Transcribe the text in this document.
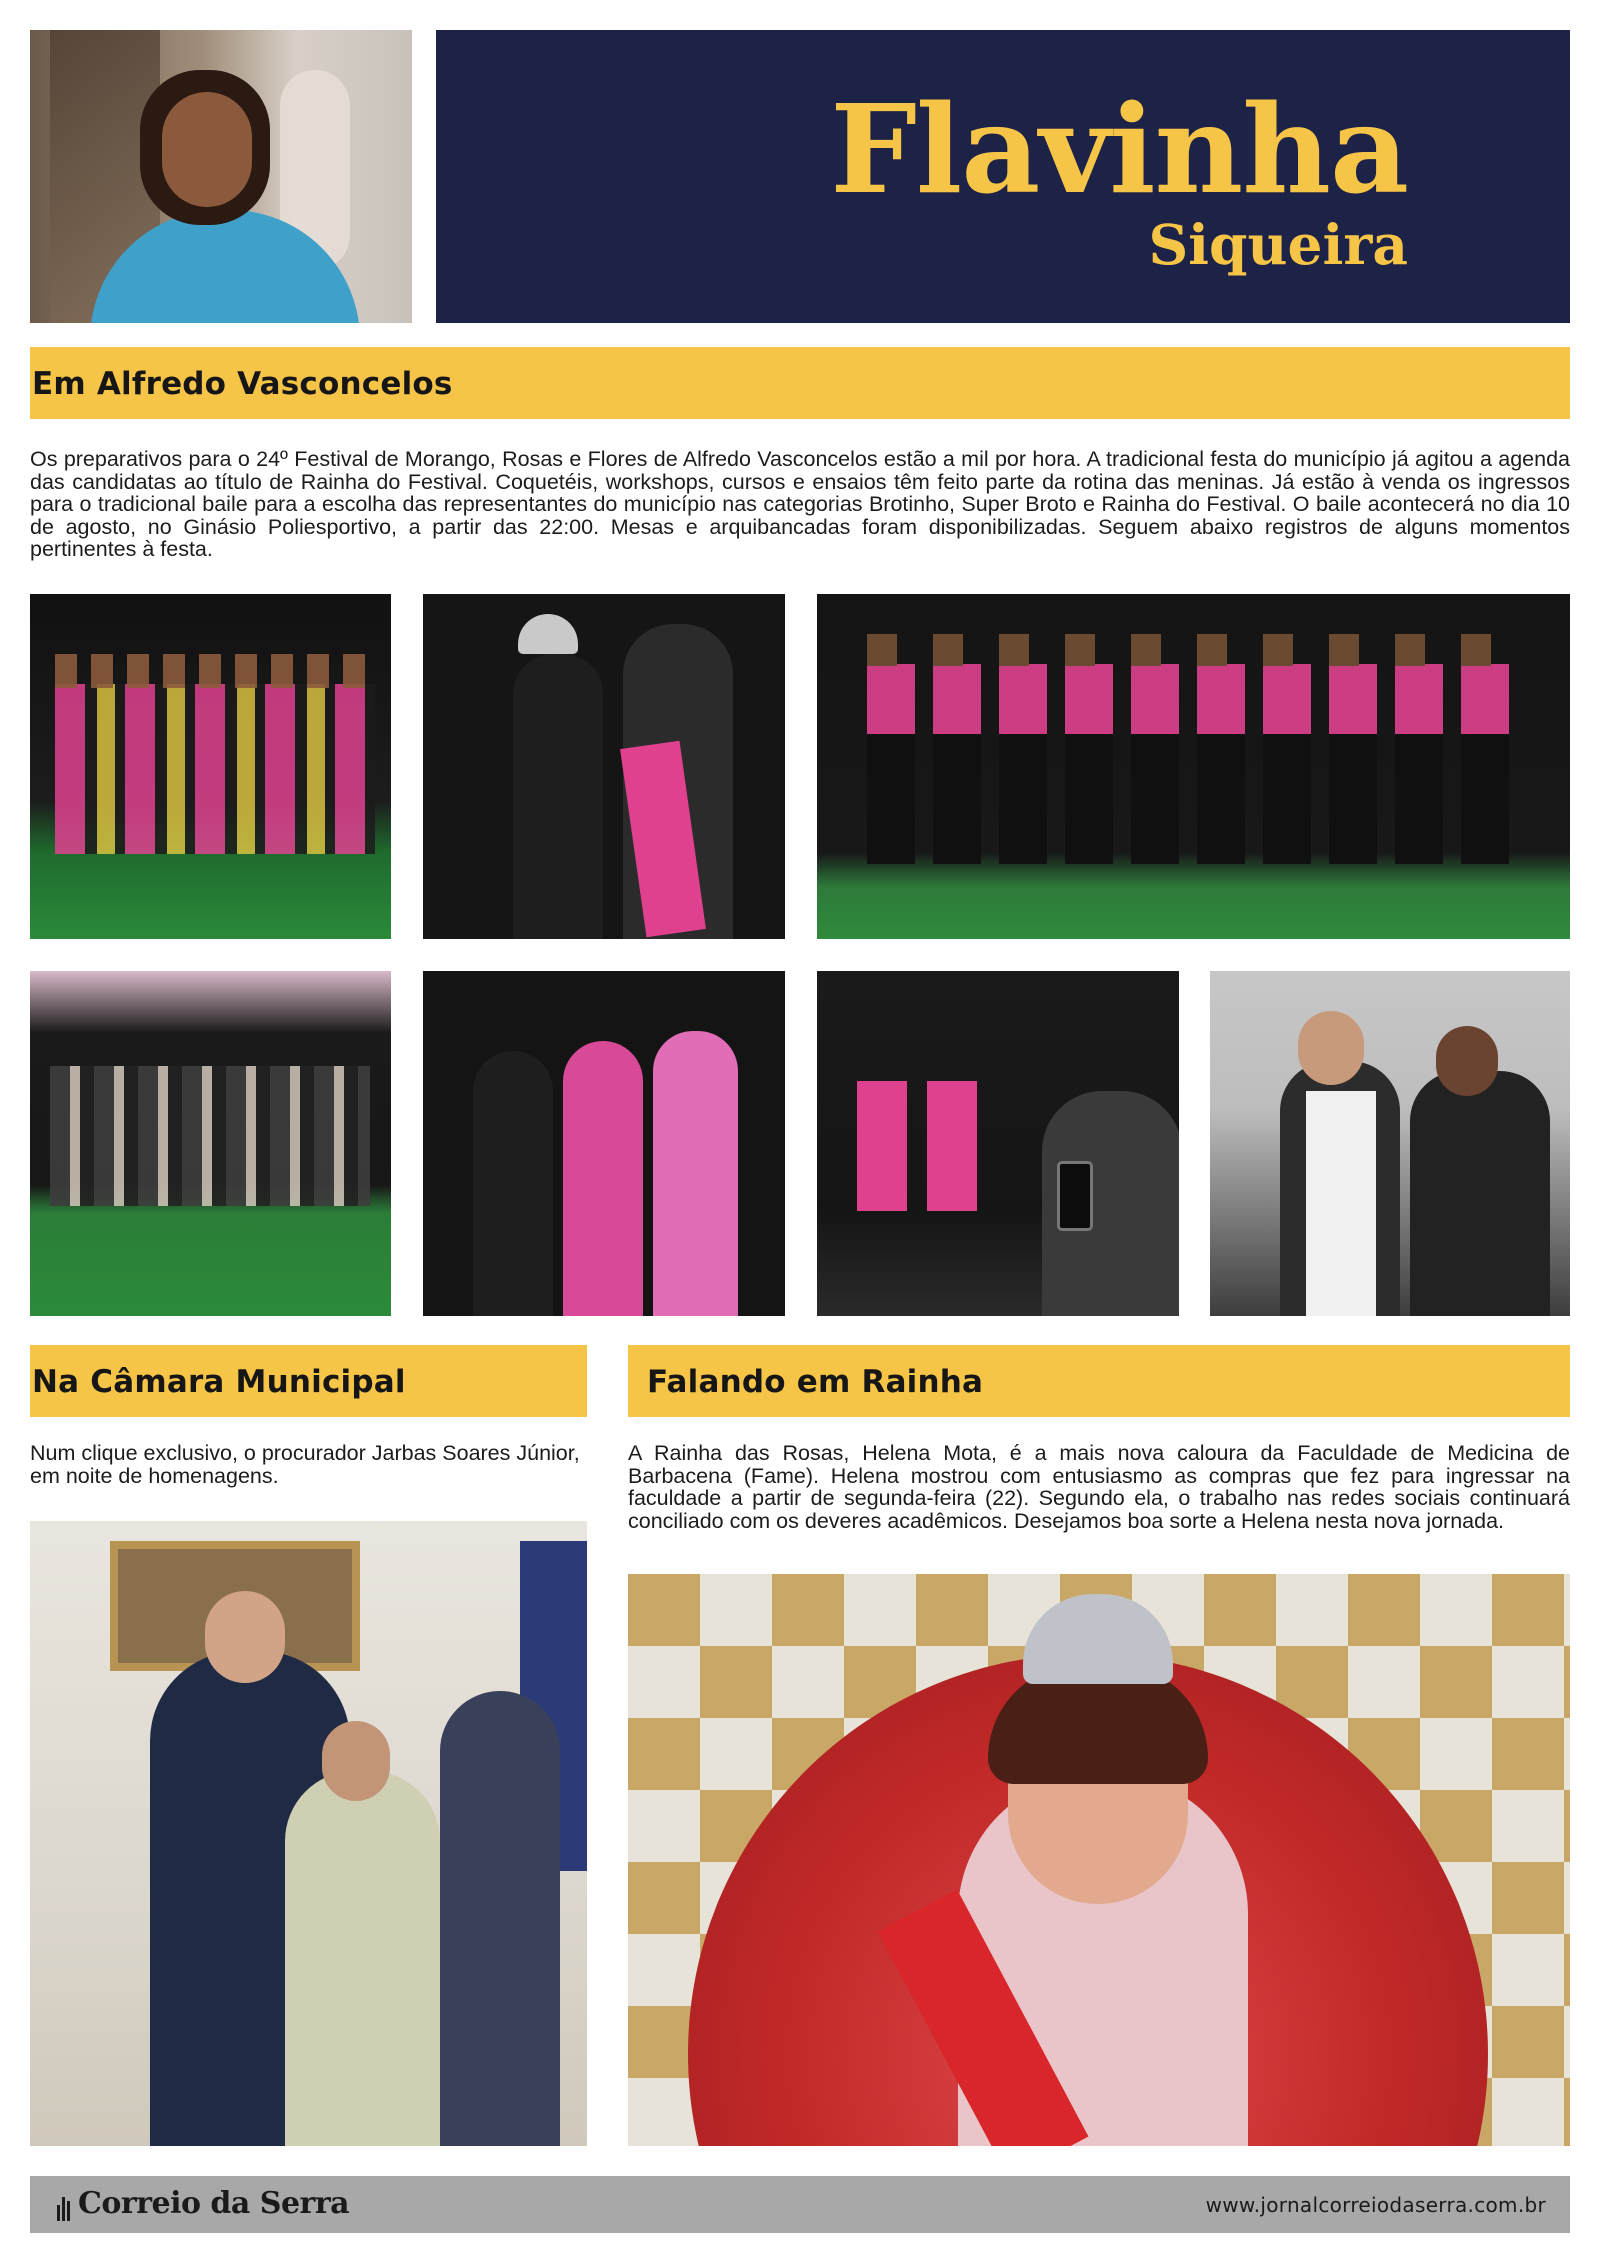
Flavinha
Siqueira
Em Alfredo Vasconcelos
Os preparativos para o 24º Festival de Morango, Rosas e Flores de Alfredo Vasconcelos estão a mil por hora. A tradicional festa do município já agitou a agenda das candidatas ao título de Rainha do Festival. Coquetéis, workshops, cursos e ensaios têm feito parte da rotina das meninas. Já estão à venda os ingressos para o tradicional baile para a escolha das representantes do município nas categorias Brotinho, Super Broto e Rainha do Festival. O baile acontecerá no dia 10 de agosto, no Ginásio Poliesportivo, a partir das 22:00. Mesas e arquibancadas foram disponibilizadas. Seguem abaixo registros de alguns momentos pertinentes à festa.
Na Câmara Municipal
Num clique exclusivo, o procurador Jarbas Soares Júnior, em noite de homenagens.
Falando em Rainha
A Rainha das Rosas, Helena Mota, é a mais nova caloura da Faculdade de Medicina de Barbacena (Fame). Helena mostrou com entusiasmo as compras que fez para ingressar na faculdade a partir de segunda-feira (22). Segundo ela, o trabalho nas redes sociais continuará conciliado com os deveres acadêmicos. Desejamos boa sorte a Helena nesta nova jornada.
Correio da Serra	www.jornalcorreiodaserra.com.br
